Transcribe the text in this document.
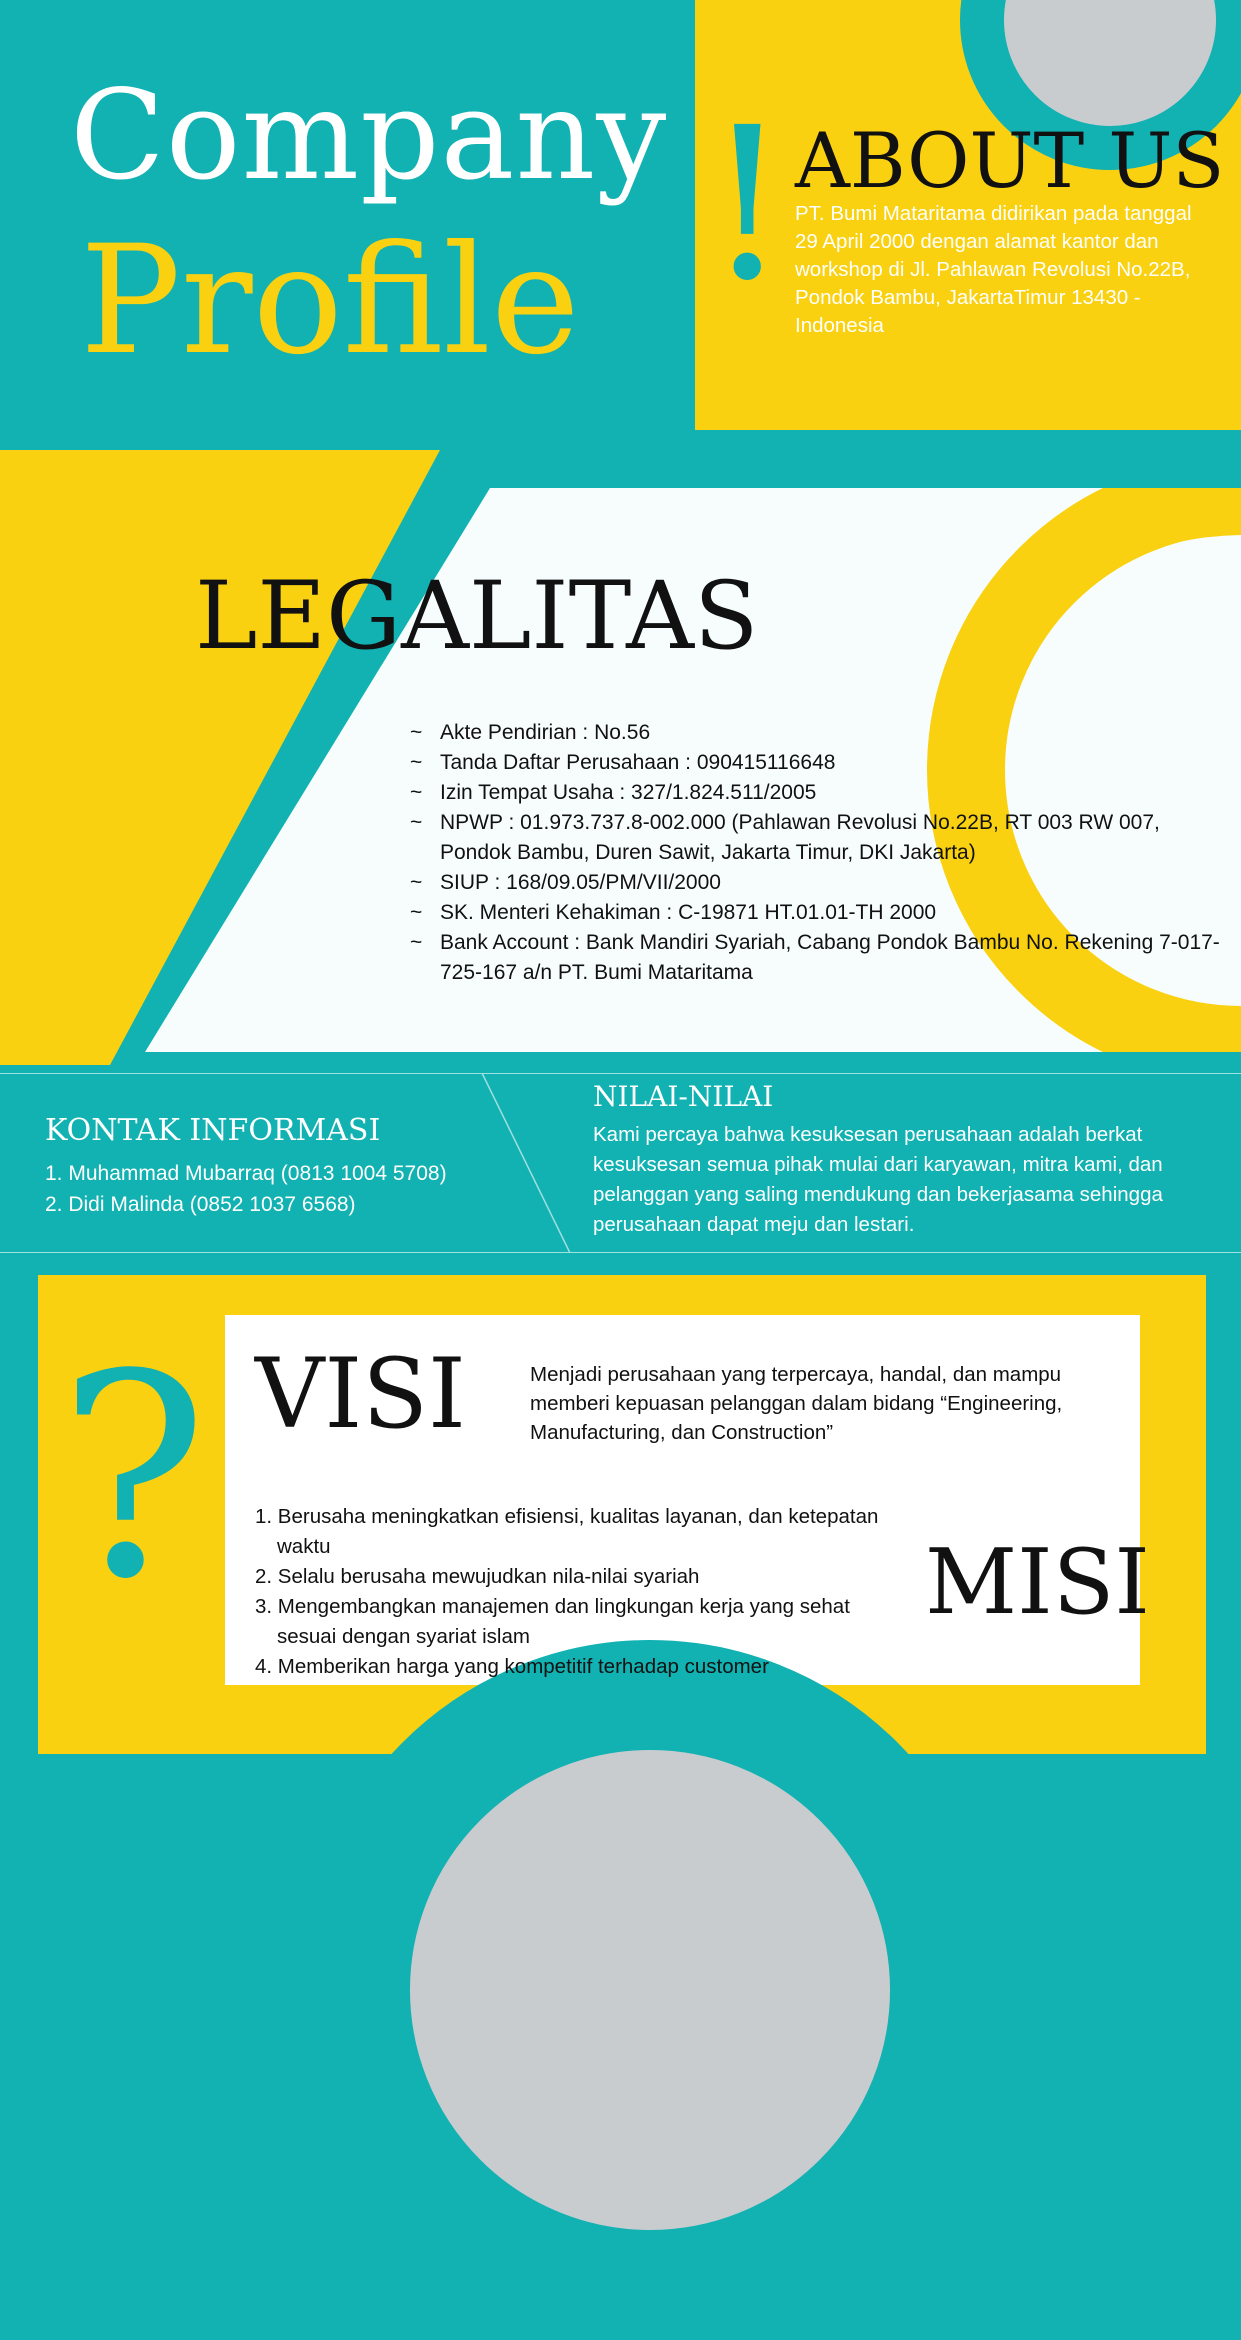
Company
Profile ! ABOUT US
PT. Bumi Mataritama didirikan pada tanggal 29 April 2000 dengan alamat kantor dan workshop di Jl. Pahlawan Revolusi No.22B, Pondok Bambu, JakartaTimur 13430 - Indonesia
LEGALITAS
~ Akte Pendirian : No.56
~ Tanda Daftar Perusahaan : 090415116648
~ Izin Tempat Usaha : 327/1.824.511/2005
~ NPWP : 01.973.737.8-002.000 (Pahlawan Revolusi No.22B, RT 003 RW 007, Pondok Bambu, Duren Sawit, Jakarta Timur, DKI Jakarta)
~ SIUP : 168/09.05/PM/VII/2000
~ SK. Menteri Kehakiman : C-19871 HT.01.01-TH 2000
~ Bank Account : Bank Mandiri Syariah, Cabang Pondok Bambu No. Rekening 7-017-725-167 a/n PT. Bumi Mataritama
KONTAK INFORMASI
1. Muhammad Mubarraq (0813 1004 5708)
2. Didi Malinda (0852 1037 6568)
NILAI-NILAI
Kami percaya bahwa kesuksesan perusahaan adalah berkat kesuksesan semua pihak mulai dari karyawan, mitra kami, dan pelanggan yang saling mendukung dan bekerjasama sehingga perusahaan dapat meju dan lestari.
? VISI	Menjadi perusahaan yang terpercaya, handal, dan mampu memberi kepuasan pelanggan dalam bidang “Engineering, Manufacturing, dan Construction”
1. Berusaha meningkatkan efisiensi, kualitas layanan, dan ketepatan waktu
2. Selalu berusaha mewujudkan nila-nilai syariah
3. Mengembangkan manajemen dan lingkungan kerja yang sehat sesuai dengan syariat islam
4. Memberikan harga yang kompetitif terhadap customer
MISI
